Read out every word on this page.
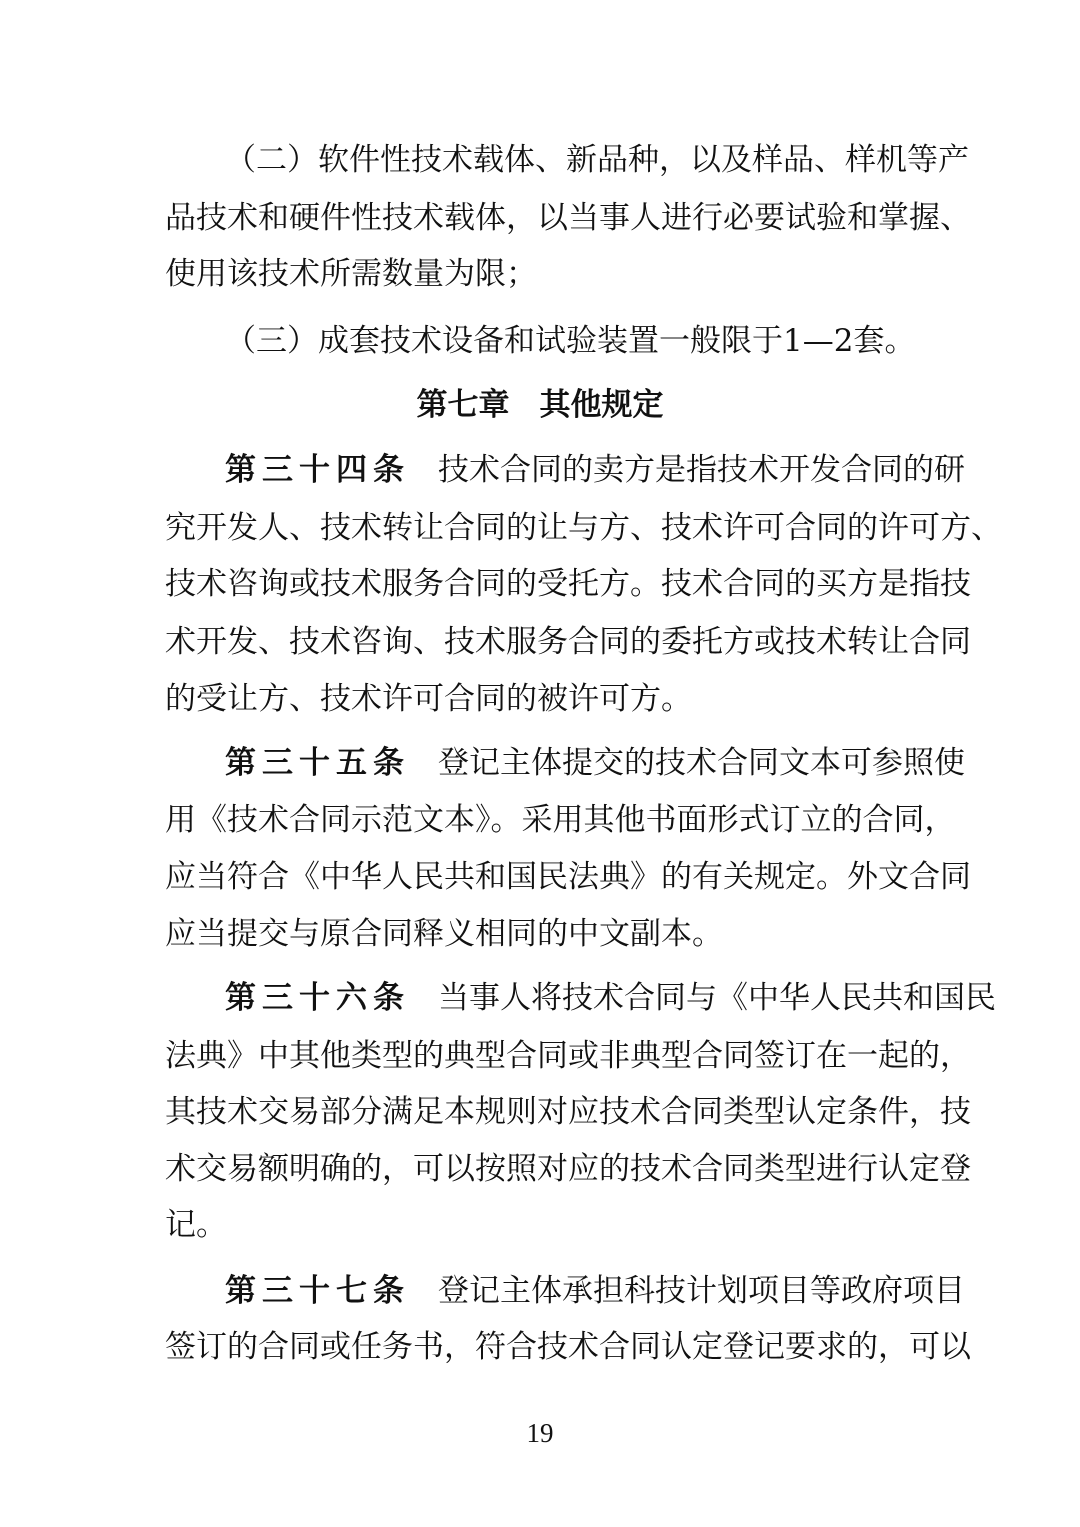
（二）软件性技术载体、新品种，以及样品、样机等产
品技术和硬件性技术载体，以当事人进行必要试验和掌握、
使用该技术所需数量为限；
（三）成套技术设备和试验装置一般限于1—2套。
第七章 其他规定
第三十四条 技术合同的卖方是指技术开发合同的研
究开发人、技术转让合同的让与方、技术许可合同的许可方、
技术咨询或技术服务合同的受托方。技术合同的买方是指技
术开发、技术咨询、技术服务合同的委托方或技术转让合同
的受让方、技术许可合同的被许可方。
第三十五条 登记主体提交的技术合同文本可参照使
用《技术合同示范文本》。采用其他书面形式订立的合同，
应当符合《中华人民共和国民法典》的有关规定。外文合同
应当提交与原合同释义相同的中文副本。
第三十六条 当事人将技术合同与《中华人民共和国民
法典》中其他类型的典型合同或非典型合同签订在一起的，
其技术交易部分满足本规则对应技术合同类型认定条件，技
术交易额明确的，可以按照对应的技术合同类型进行认定登
记。
第三十七条 登记主体承担科技计划项目等政府项目
签订的合同或任务书，符合技术合同认定登记要求的，可以
19
